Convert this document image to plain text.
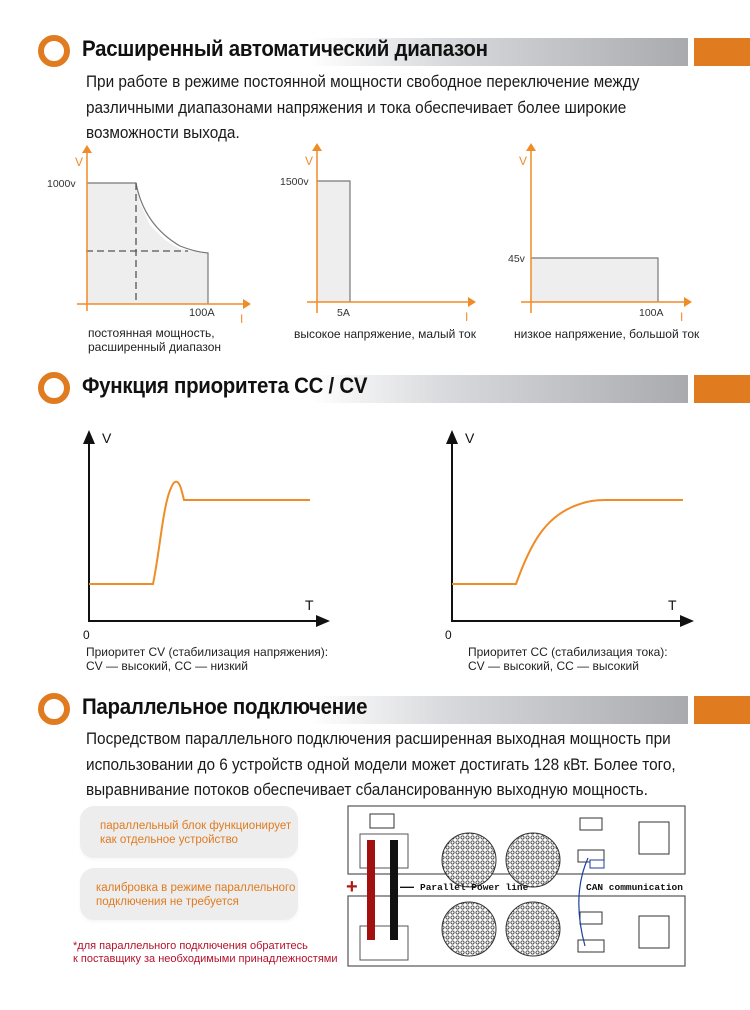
Расширенный автоматический диапазон
При работе в режиме постоянной мощности свободное переключение между
различными диапазонами напряжения и тока обеспечивает более широкие
возможности выхода.
V
I
1000v
100A
постоянная мощность,
расширенный диапазон
V
I
1500v
5A
высокое напряжение, малый ток
V
I
45v
100A
низкое напряжение, большой ток
Функция приоритета CC / CV
V
T
0
Приоритет CV (стабилизация напряжения):
CV — высокий, CC — низкий
V
T
0
Приоритет CC (стабилизация тока):
CV — высокий, CC — высокий
Параллельное подключение
Посредством параллельного подключения расширенная выходная мощность при
использовании до 6 устройств одной модели может достигать 128 кВт. Более того,
выравнивание потоков обеспечивает сбалансированную выходную мощность.
параллельный блок функционирует
как отдельное устройство
калибровка в режиме параллельного
подключения не требуется
*для параллельного подключения обратитесь
к поставщику за необходимыми принадлежностями
+	— Parallel Power line	CAN communication
